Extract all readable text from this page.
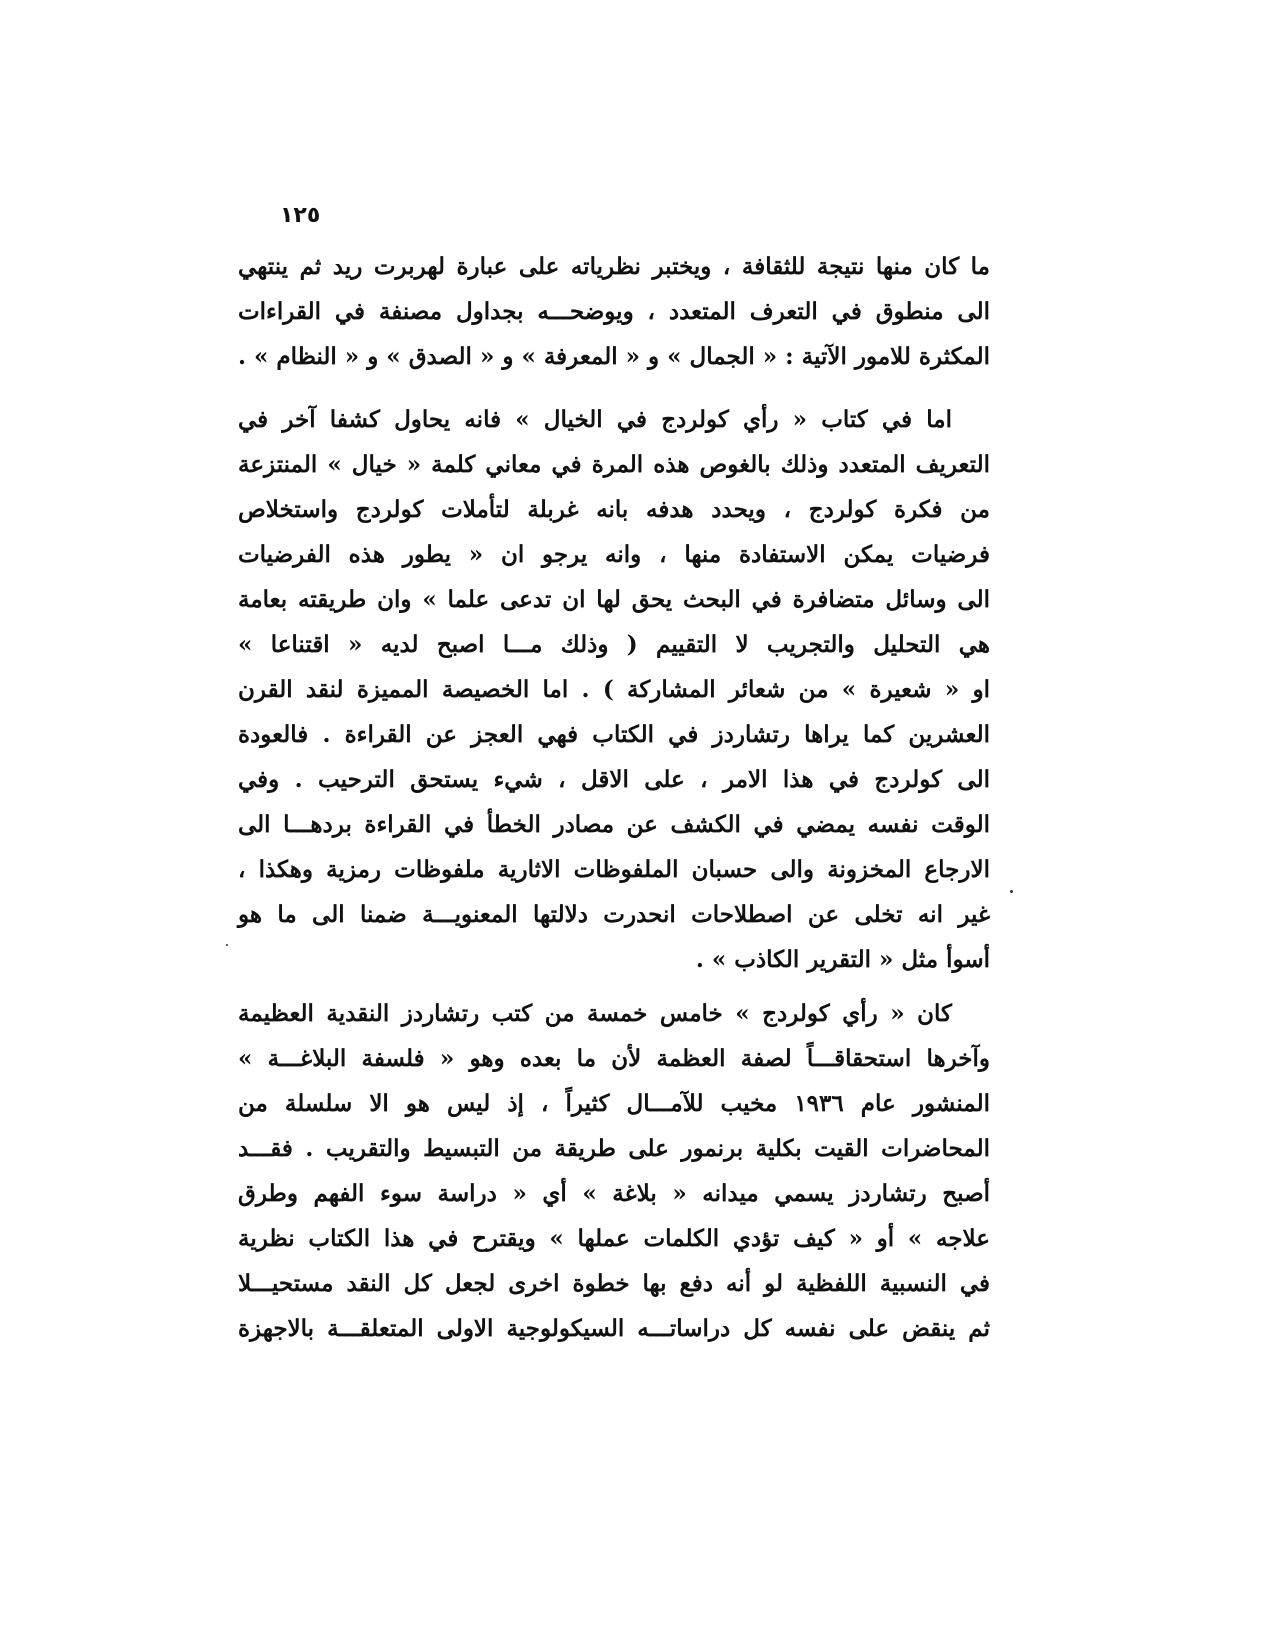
١٢٥
ما كان منها نتيجة للثقافة ، ويختبر نظرياته على عبارة لهربرت ريد ثم ينتهي
الى منطوق في التعرف المتعدد ، ويوضحـــه بجداول مصنفة في القراءات
المكثرة للامور الآتية : « الجمال » و « المعرفة » و « الصدق » و « النظام » .
اما في كتاب « رأي كولردج في الخيال » فانه يحاول كشفا آخر في
التعريف المتعدد وذلك بالغوص هذه المرة في معاني كلمة « خيال » المنتزعة
من فكرة كولردج ، ويحدد هدفه بانه غربلة لتأملات كولردج واستخلاص
فرضيات يمكن الاستفادة منها ، وانه يرجو ان « يطور هذه الفرضيات
الى وسائل متضافرة في البحث يحق لها ان تدعى علما » وان طريقته بعامة
هي التحليل والتجريب لا التقييم ( وذلك مـــا اصبح لديه « اقتناعا »
او « شعيرة » من شعائر المشاركة ) . اما الخصيصة المميزة لنقد القرن
العشرين كما يراها رتشاردز في الكتاب فهي العجز عن القراءة . فالعودة
الى كولردج في هذا الامر ، على الاقل ، شيء يستحق الترحيب . وفي
الوقت نفسه يمضي في الكشف عن مصادر الخطأ في القراءة بردهـــا الى
الارجاع المخزونة والى حسبان الملفوظات الاثارية ملفوظات رمزية وهكذا ،
غير انه تخلى عن اصطلاحات انحدرت دلالتها المعنويـــة ضمنا الى ما هو
أسوأ مثل « التقرير الكاذب » .
كان « رأي كولردج » خامس خمسة من كتب رتشاردز النقدية العظيمة
وآخرها استحقاقـــاً لصفة العظمة لأن ما بعده وهو « فلسفة البلاغـــة »
المنشور عام ١٩٣٦ مخيب للآمـــال كثيراً ، إذ ليس هو الا سلسلة من
المحاضرات القيت بكلية برنمور على طريقة من التبسيط والتقريب . فقـــد
أصبح رتشاردز يسمي ميدانه « بلاغة » أي « دراسة سوء الفهم وطرق
علاجه » أو « كيف تؤدي الكلمات عملها » ويقترح في هذا الكتاب نظرية
في النسبية اللفظية لو أنه دفع بها خطوة اخرى لجعل كل النقد مستحيـــلا
ثم ينقض على نفسه كل دراساتـــه السيكولوجية الاولى المتعلقـــة بالاجهزة
